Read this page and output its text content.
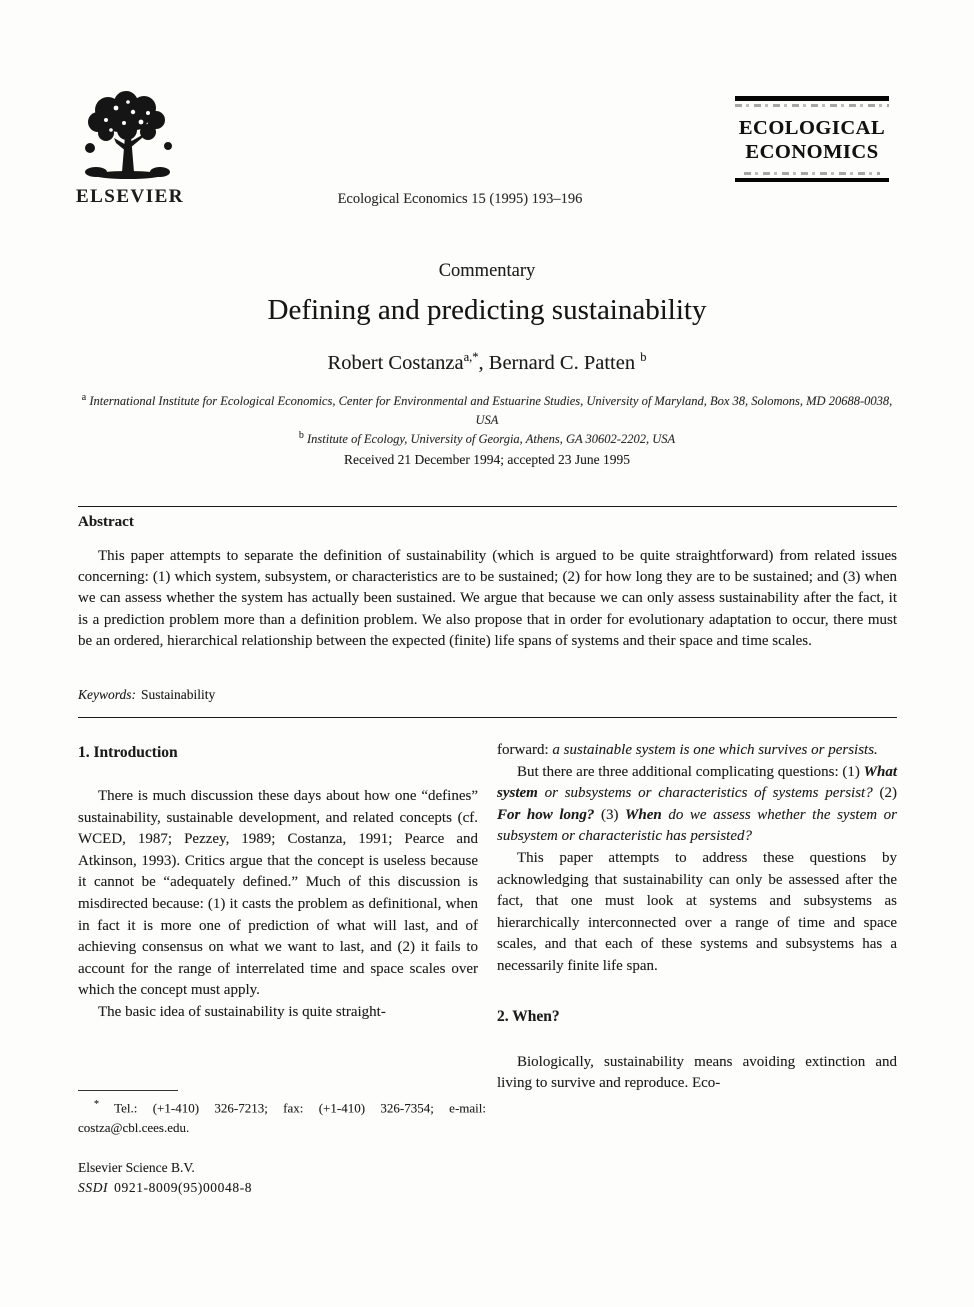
ELSEVIER	Ecological Economics 15 (1995) 193–196
ECOLOGICAL
ECONOMICS
Commentary
Defining and predicting sustainability
Robert Costanza$^{a,*}$, Bernard C. Patten $^b$
$^a$ International Institute for Ecological Economics, Center for Environmental and Estuarine Studies, University of Maryland, Box 38, Solomons, MD 20688-0038, USA
$^b$ Institute of Ecology, University of Georgia, Athens, GA 30602-2202, USA
Received 21 December 1994; accepted 23 June 1995
Abstract

This paper attempts to separate the definition of sustainability (which is argued to be quite straightforward) from related issues concerning: (1) which system, subsystem, or characteristics are to be sustained; (2) for how long they are to be sustained; and (3) when we can assess whether the system has actually been sustained. We argue that because we can only assess sustainability after the fact, it is a prediction problem more than a definition problem. We also propose that in order for evolutionary adaptation to occur, there must be an ordered, hierarchical relationship between the expected (finite) life spans of systems and their space and time scales.

Keywords: Sustainability
1. Introduction

There is much discussion these days about how one “defines” sustainability, sustainable development, and related concepts (cf. WCED, 1987; Pezzey, 1989; Costanza, 1991; Pearce and Atkinson, 1993). Critics argue that the concept is useless because it cannot be “adequately defined.” Much of this discussion is misdirected because: (1) it casts the problem as definitional, when in fact it is more one of prediction of what will last, and of achieving consensus on what we want to last, and (2) it fails to account for the range of interrelated time and space scales over which the concept must apply.

The basic idea of sustainability is quite straight-

forward: a sustainable system is one which survives or persists.

But there are three additional complicating questions: (1) What system or subsystems or characteristics of systems persist? (2) For how long? (3) When do we assess whether the system or subsystem or characteristic has persisted?

This paper attempts to address these questions by acknowledging that sustainability can only be assessed after the fact, that one must look at systems and subsystems as hierarchically interconnected over a range of time and space scales, and that each of these systems and subsystems has a necessarily finite life span.

2. When?

Biologically, sustainability means avoiding extinction and living to survive and reproduce. Eco-

* Tel.: (+1-410) 326-7213; fax: (+1-410) 326-7354; e-mail: costza@cbl.cees.edu.

Elsevier Science B.V.
SSDI 0921-8009(95)00048-8
